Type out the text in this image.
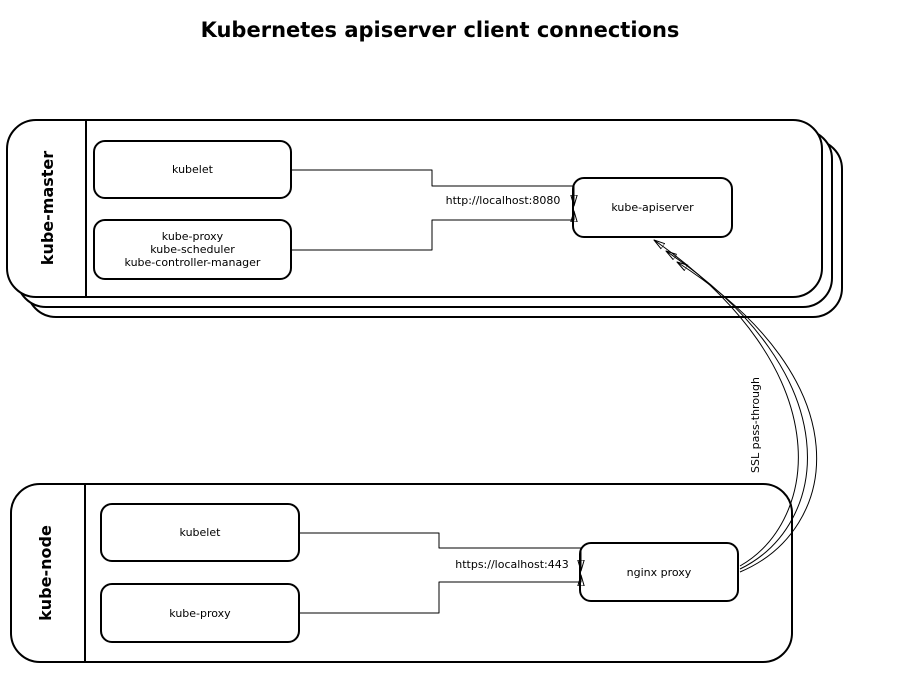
Kubernetes apiserver client connections
kube-master	kubelet
kube-proxy
kube-scheduler
kube-controller-manager
kube-apiserver
kube-node	kubelet
kube-proxy
nginx proxy
http://localhost:8080
https://localhost:443
SSL pass-through
